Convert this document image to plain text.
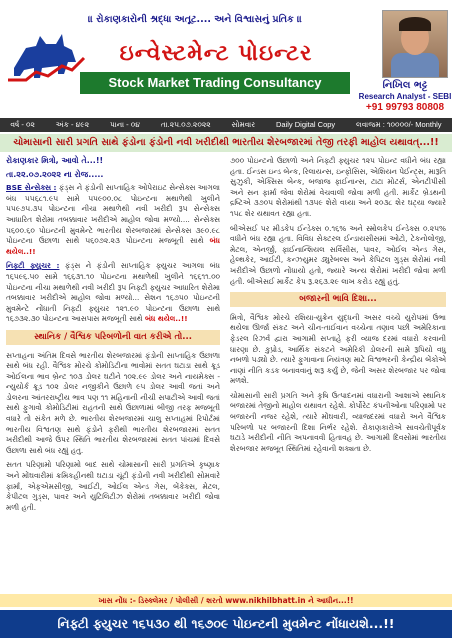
॥ રોકાણકારોની શ્રદ્ધા અતૂટ.... અને વિશ્વાસનું પ્રતિક ॥
ઇન્વેસ્ટમેન્ટ પોઇન્ટર
Stock Market Trading Consultancy	નિખિલ ભટ્ટ
Research Analyst - SEBI
+91 99793 80808
વર્ષ - ૦૨	અંક - ૪૯૨	પાના - ૦૪	તા.૨૫.૦૭.૨૦૨૨	સોમવાર	Daily Digital Copy	લવાજમ : ૧૦૦૦૦/- Monthly
ચોમાસાની સારી પ્રગતિ સાથે ફંડોના ફંડોની નવી ખરીદીથી ભારતીય શેરબજારમાં તેજી તરફી માહોલ યથાવત્...!!

રોકાણકાર મિત્રો, આવો તે...!!

તા.૨૨.૦૭.૨૦૨૨ ના રોજ.....

BSE સેન્સેક્સ : ફંડ્સ ને ફંડોની સાપ્તાહિક ઓપેરાઇટ સેન્સેક્સ આગલા બંધ ૫૫૬૮૧.૯૫ સામે ૫૫૯૦૦.૦૮ પોઇન્ટના મથાળેથી ખુલીને ૫૫૯૭૫.૩૫ પોઇન્ટના નીચા મથાળેથી નવી ખરીદી રૂપ સેન્સેક્સ આધારિત શેરોમા તબક્કાવાર ખરીદીએ માહોલ જોવા મળ્યો.... સેન્સેક્સ ૫૬૦૦.૬૦ પોઇન્ટની મુવમેન્ટે ભારતીય શેરબજારમાં સેન્સેક્સ ૩૯૦.૯૮ પોઇન્ટના ઉછાળા સાથે ૫૬૦૭૨.૨૩ પોઇન્ટના મજબૂતી સાથે બંધ થયેલ..!!

નિફ્ટી ફ્યુચર : ફંડ્સ ને ફંડોની સાપ્તાહિક ફ્યુચર આગલા બંધ ૧૬૫૯૬.૫૦ સામે ૧૬૬૩૧.૧૦ પોઇન્ટના મથાળેથી ખુલીને ૧૬૬૧૧.૦૦ પોઇન્ટના નીચા મથાળેથી નવી ખરીદી રૂપ નિફ્ટી ફ્યુચર આધારિત શેરોમા તબક્કાવાર ખરીદીએ માહોલ જોવા મળ્યો... સેશન ૧૬૭૫૦ પોઇન્ટની મુવમેન્ટે નોંધાતી નિફ્ટી ફ્યુચર ૧૨૧.૯૦ પોઇન્ટના ઉછાળા સાથે ૧૬૭૩૨.૩૦ પોઇન્ટના આસપાસ મજબૂતી સાથે બંધ થયેલ..!!

સ્થાનિક / વૈશ્વિક પરિબળોની વાત કરીએ તો...

સપ્તાહના અંતિમ દિવસે ભારતીય શેરબજારમાં ફંડોની સાપ્તાહિક ઉછાળા સાથે બંધ રહી. વૈશ્વિક મોરચે કોમોડિટીના ભાવોમાં સતત ઘટાડા સાથે ક્રૂડ ઓઈલના ભાવ બ્રેન્ટ ૧૦૩ ડોલર ઘટીને ૧૦૨.૯૯ ડોલર અને નાયમેક્સ - ન્યુયોર્ક ક્રૂડ ૧૦૨ ડોલર નજીકીને ઉછાળે ૯૫ ડોલર આવી જતાં અને ડોલરના આંતરરાષ્ટ્રીય ભાવ પણ ૧૧ મહિનાની નીચી સપાટીએ આવી જતાં સાથે ફુગાવો કોમોડિટીમાં રાહતની સાથે ઉછાળામાં બીજી તરફ મજબૂતી વધારે તો સંકેત મળે છે. ભારતીય શેરબજારમાં ચાલુ સપ્તાહમાં રિપોર્ટમાં ભારતીય વિશ્વતણ સાથે ફંડોને ફરીથી ભારતીય શેરબજારમાં સતત ખરીદીથી આજે ઉપર સ્થિતિ ભારતીય શેરબજારમાં સતત પાંચમાં દિવસે ઉછાળા સાથે બંધ રહ્યું હતુ.

સતત પરિણામો પરિણામો બાદ સાથે ચોમાસાની સારી પ્રગતિએ કૃષ્ણાક અને મોંઘવારીમાં ક્રમિકહીનથી ઘટાડા ચૂંટી ફંડોની નવી ખરીદીથી સોમવારે ફાર્મા, એફએમસીજી, આઈટી, ઓઈલ એન્ડ ગેસ, બેંકેક્સ, મેટલ, કેપીટલ ગુડ્સ, પાવર અને યુટિલિટીઝ શેરોમાં તબક્કાવાર ખરીદી જોવા મળી હતી.

૭૦૦ પોઇન્ટનો ઉછાળો અને નિફ્ટી ફ્યુચર ૧૨૫ પોઇન્ટ વધીને બંધ રહ્યા હતા. ઈન્ડસ ઇન્ડ બેન્ક, રિલાયન્સ, ઇન્ફોસિસ, એશિયન પેઈન્ટ્સ, મારૂતિ સુઝુકી, એક્સિસ બેન્ક, બજાજ ફાઈનાન્સ, ટાટા મોટર્સ, એનટીપીસી અને સન ફાર્મા જેવા શેરોમાં વેચવાલી જોવા મળી હતી. માર્કેટ બ્રેડથની દ્રષ્ટિએ ૩૭૦૫ શેરોમાંથી ૧૩૫૯ શેરો વધ્યા અને ૨૦૩૮ શેર ઘટ્યા જ્યારે ૧૫૮ શેર યથાવત રહ્યા હતા.

બીએસઈ પર મીડકેપ ઈન્ડેક્સ ૦.૧૬% અને સ્મોલકેપ ઈન્ડેક્સ ૦.૨૫% વધીને બંધ રહ્યા હતા. વિવિધ સેક્ટરલ ઈન્ડાયસીસમાં ઓટો, ટેકનોલોજી, મેટલ, એનર્જી, ફાઈનાન્શિયલ સર્વિસીસ, પાવર, ઓઈલ એન્ડ ગેસ, હેલ્થકેર, આઈટી, કન્ઝયુમર ડ્યુરેબલ્સ અને કેપિટલ ગુડ્સ શેરોમાં નવી ખરીદીએ ઉછાળો નોંધાયો હતો, જ્યારે અન્ય શેરોમાં ખરીદી જોવા મળી હતી. બીએસઈ માર્કેટ કેપ રૂ.૨૬૩.૨૯ લાખ કરોડ રહ્યું હતું.

બજારની ભાવિ દિશા...

મિત્રો, વૈશ્વિક મોરચે રશિયા-યુક્રેન યુદ્ધની અસર વચ્ચે યુરોપમાં ઉભા થયેલા ઊર્જા સંકટ અને ચીન-તાઈવાન વચ્ચેના તણાવ પછી અમેરિકાના ફેડરલ રિઝર્વ દ્વારા આગામી સપ્તાહે ફરી વ્યાજ દરમાં વધારો કરવાની ધારણા છે. કુપ્રોડ, આર્થિક સંકટને અમેરિકી ડોલરની સામે રૂપિયો વધુ નબળો પડ્યો છે. ત્યારે ફુગાવાના નિયંત્રણ માટે વિશ્વભરની કેન્દ્રીય બેંકોએ નાણાં નીતિ કડક બનાવવાનું શરૂ કર્યું છે, જેની અસર શેરબજાર પર જોવા મળશે.

ચોમાસાની સારી પ્રગતિ અને કૃષિ ઉત્પાદનમાં વધારાની આશાએ સ્થાનિક બજારમાં તેજીનો માહોલ યથાવત રહેશે. કોર્પોરેટ કંપનીઓના પરિણામો પર બજારની નજર રહેશે, ત્યારે મોંઘવારી, વ્યાજદરમાં વધારો અને વૈશ્વિક પરિબળો પર બજારની દિશા નિર્ભર રહેશે. રોકાણકારોએ સાવચેતીપૂર્વક ઘટાડે ખરીદીની નીતિ અપનાવવી હિતાવહ છે. આગામી દિવસોમાં ભારતીય શેરબજાર મજબૂત સ્થિતિમાં રહેવાની શક્યતા છે.

ખાસ નોંધ :- ડિસ્ક્લેમર / પોલીસી / શરતો www.nikhilbhatt.in ને આધીન...!!
નિફ્ટી ફ્યુચર ૧૬૫૩૦ થી ૧૬૭૦૯ પોઇન્ટની મુવમેન્ટ નોંધાયશે...!!
